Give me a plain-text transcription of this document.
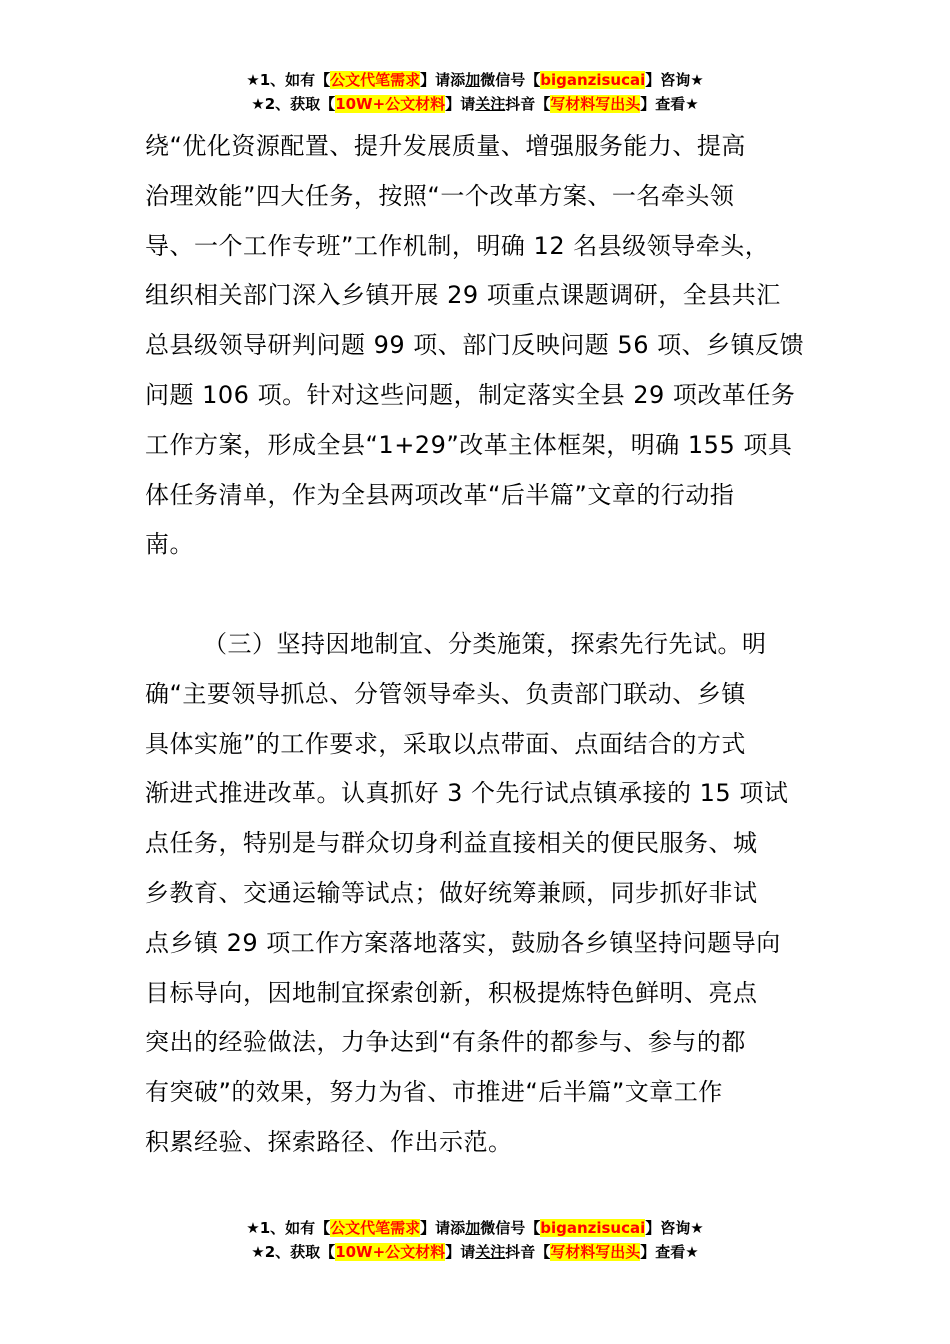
★1、如有【公文代笔需求】请添加微信号【biganzisucai】咨询★
★2、获取【10W+公文材料】请关注抖音【写材料写出头】查看★

绕“优化资源配置、提升发展质量、增强服务能力、提高
治理效能”四大任务，按照“一个改革方案、一名牵头领
导、一个工作专班”工作机制，明确 12 名县级领导牵头，
组织相关部门深入乡镇开展 29 项重点课题调研，全县共汇
总县级领导研判问题 99 项、部门反映问题 56 项、乡镇反馈
问题 106 项。针对这些问题，制定落实全县 29 项改革任务
工作方案，形成全县“1+29”改革主体框架，明确 155 项具
体任务清单，作为全县两项改革“后半篇”文章的行动指
南。

（三）坚持因地制宜、分类施策，探索先行先试。明
确“主要领导抓总、分管领导牵头、负责部门联动、乡镇
具体实施”的工作要求，采取以点带面、点面结合的方式
渐进式推进改革。认真抓好 3 个先行试点镇承接的 15 项试
点任务，特别是与群众切身利益直接相关的便民服务、城
乡教育、交通运输等试点；做好统筹兼顾，同步抓好非试
点乡镇 29 项工作方案落地落实，鼓励各乡镇坚持问题导向
目标导向，因地制宜探索创新，积极提炼特色鲜明、亮点
突出的经验做法，力争达到“有条件的都参与、参与的都
有突破”的效果，努力为省、市推进“后半篇”文章工作
积累经验、探索路径、作出示范。

★1、如有【公文代笔需求】请添加微信号【biganzisucai】咨询★
★2、获取【10W+公文材料】请关注抖音【写材料写出头】查看★
